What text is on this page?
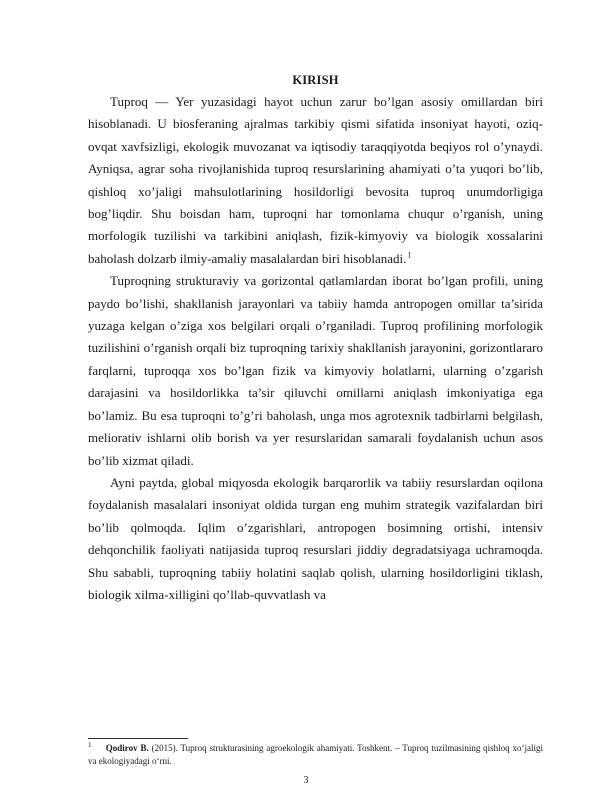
KIRISH

Tuproq — Yer yuzasidagi hayot uchun zarur bo’lgan asosiy omillardan biri hisoblanadi. U biosferaning ajralmas tarkibiy qismi sifatida insoniyat hayoti, oziq-ovqat xavfsizligi, ekologik muvozanat va iqtisodiy taraqqiyotda beqiyos rol o’ynaydi. Ayniqsa, agrar soha rivojlanishida tuproq resurslarining ahamiyati o’ta yuqori bo’lib, qishloq xo’jaligi mahsulotlarining hosildorligi bevosita tuproq unumdorligiga bog’liqdir. Shu boisdan ham, tuproqni har tomonlama chuqur o’rganish, uning morfologik tuzilishi va tarkibini aniqlash, fizik-kimyoviy va biologik xossalarini baholash dolzarb ilmiy-amaliy masalalardan biri hisoblanadi. $^1$

Tuproqning strukturaviy va gorizontal qatlamlardan iborat bo’lgan profili, uning paydo bo’lishi, shakllanish jarayonlari va tabiiy hamda antropogen omillar ta’sirida yuzaga kelgan o’ziga xos belgilari orqali o’rganiladi. Tuproq profilining morfologik tuzilishini o’rganish orqali biz tuproqning tarixiy shakllanish jarayonini, gorizontlararo farqlarni, tuproqqa xos bo’lgan fizik va kimyoviy holatlarni, ularning o’zgarish darajasini va hosildorlikka ta’sir qiluvchi omillarni aniqlash imkoniyatiga ega bo’lamiz. Bu esa tuproqni to’g’ri baholash, unga mos agrotexnik tadbirlarni belgilash, meliorativ ishlarni olib borish va yer resurslaridan samarali foydalanish uchun asos bo’lib xizmat qiladi.

Ayni paytda, global miqyosda ekologik barqarorlik va tabiiy resurslardan oqilona foydalanish masalalari insoniyat oldida turgan eng muhim strategik vazifalardan biri bo’lib qolmoqda. Iqlim o’zgarishlari, antropogen bosimning ortishi, intensiv dehqonchilik faoliyati natijasida tuproq resurslari jiddiy degradatsiyaga uchramoqda. Shu sababli, tuproqning tabiiy holatini saqlab qolish, ularning hosildorligini tiklash, biologik xilma-xilligini qo’llab-quvvatlash va

$^1$ Qodirov B. (2015). Tuproq strukturasining agroekologik ahamiyati. Toshkent. – Tuproq tuzilmasining qishloq xo‘jaligi va ekologiyadagi o‘rni.
3
